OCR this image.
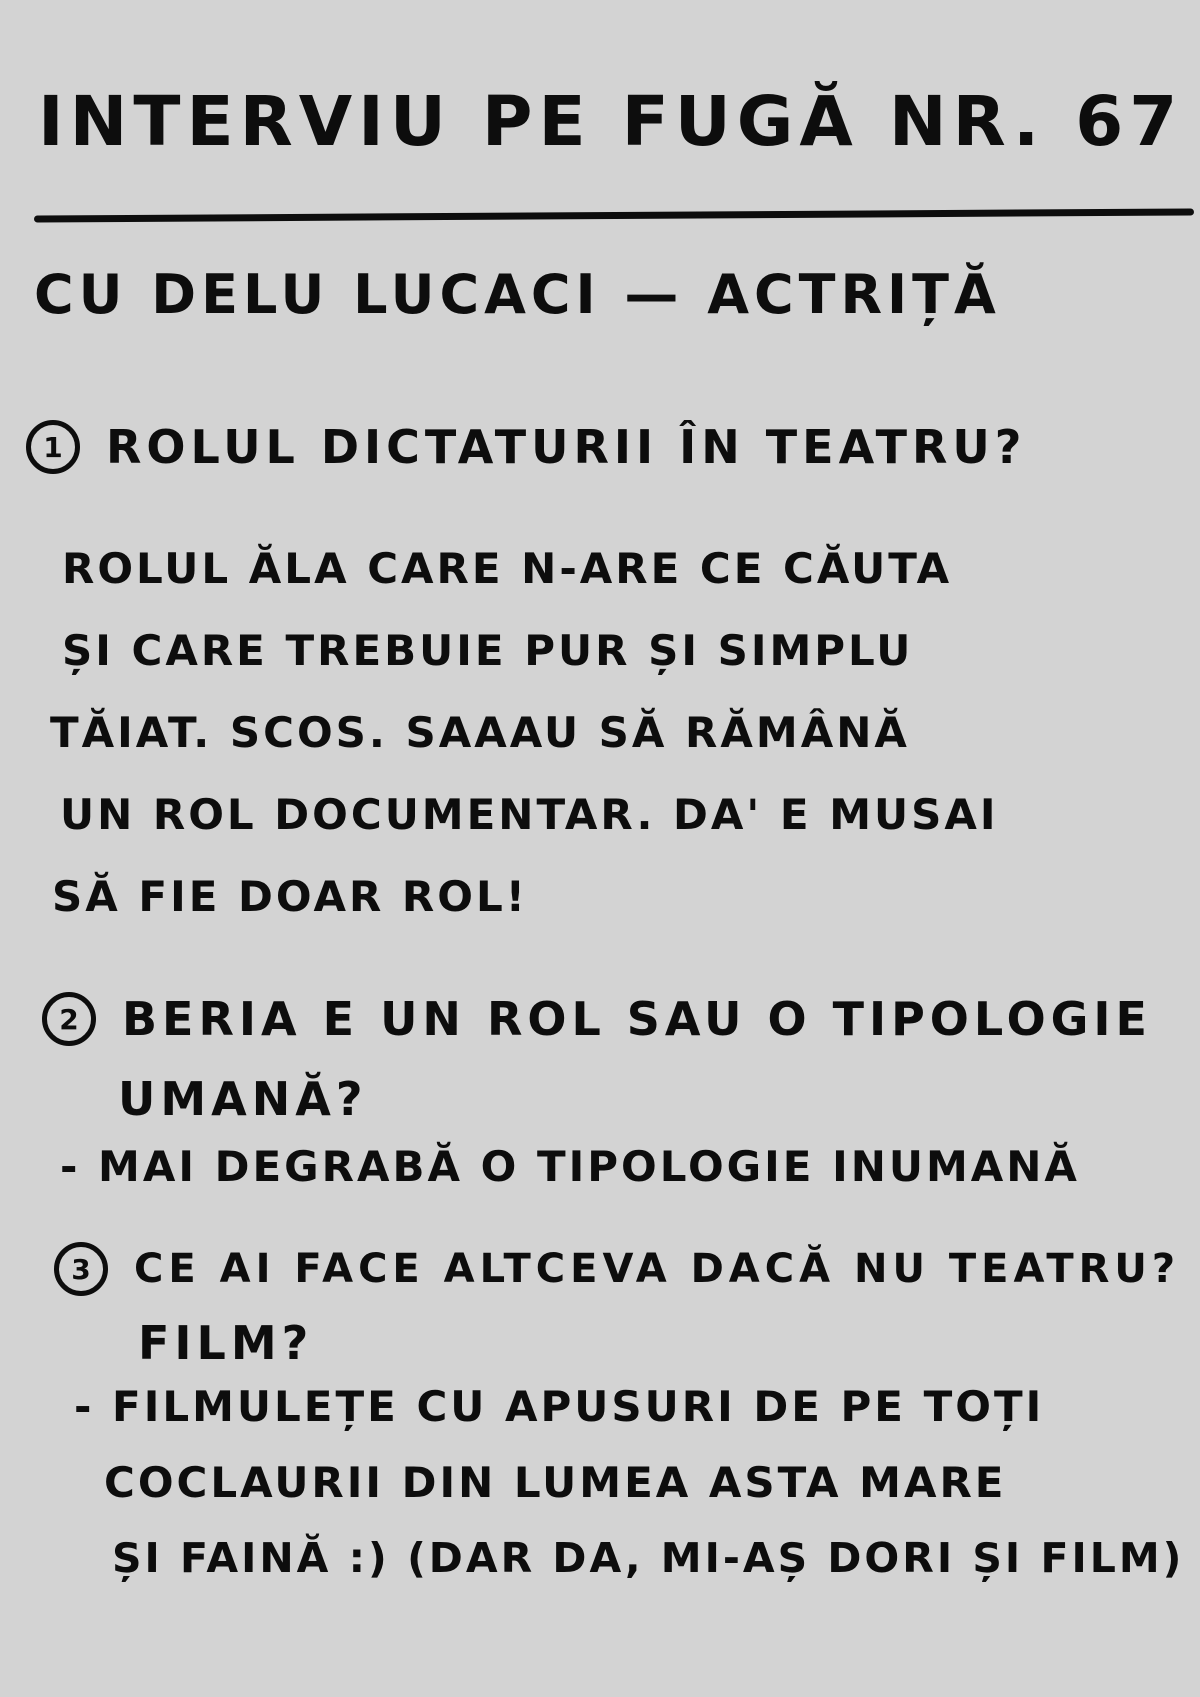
INTERVIU PE FUGĂ NR. 67
CU DELU LUCACI — ACTRIȚĂ
1 ROLUL DICTATURII ÎN TEATRU?
ROLUL ĂLA CARE N-ARE CE CĂUTA
ȘI CARE TREBUIE PUR ȘI SIMPLU
TĂIAT. SCOS. SAAAU SĂ RĂMÂNĂ
UN ROL DOCUMENTAR. DA' E MUSAI
SĂ FIE DOAR ROL!
2 BERIA E UN ROL SAU O TIPOLOGIE
UMANĂ?
- MAI DEGRABĂ O TIPOLOGIE INUMANĂ
3	CE AI FACE ALTCEVA DACĂ NU TEATRU?
FILM?
- FILMULEȚE CU APUSURI DE PE TOȚI
COCLAURII DIN LUMEA ASTA MARE
ȘI FAINĂ :) (DAR DA, MI-AȘ DORI ȘI FILM)
